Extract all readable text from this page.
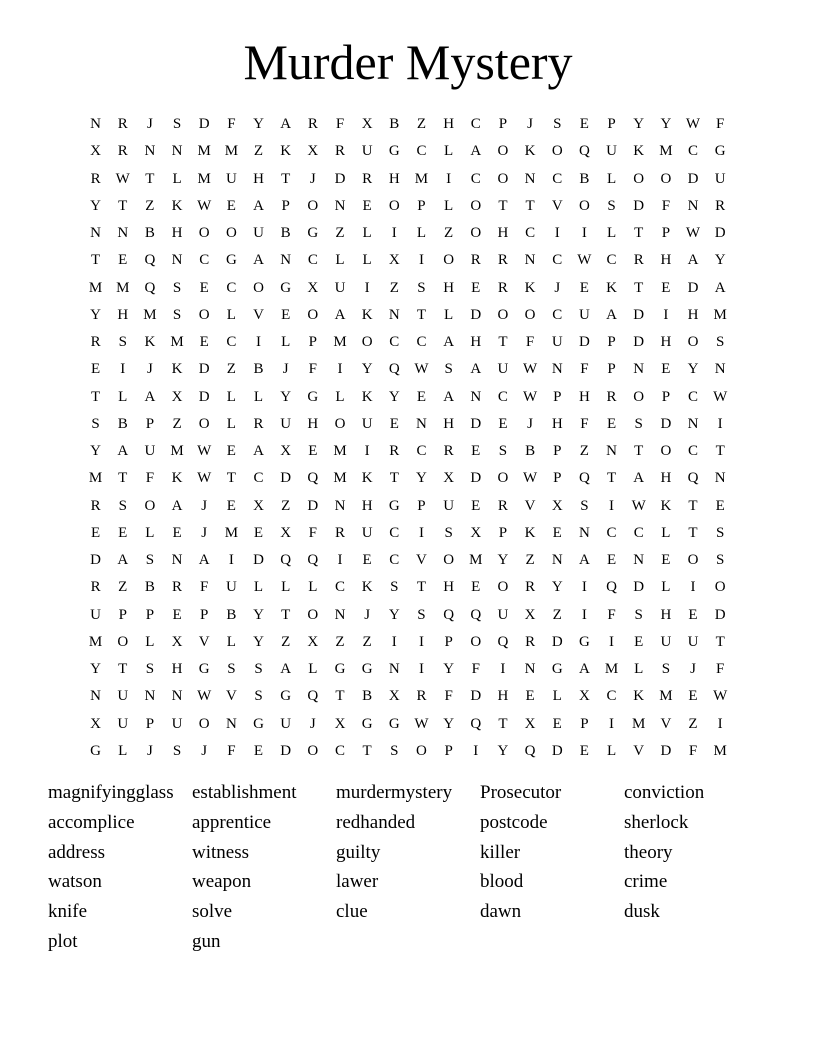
Murder Mystery
N	R	J	S	D	F	Y	A	R	F	X	B	Z	H	C	P	J	S	E	P	Y	Y W	F
X	R	N	N	M M	Z	K	X	R	U	G	C	L	A	O	K	O	Q	U	K	M	C	G
R	W	T	L	M	U	H	T	J	D	R	H	M	I	C	O	N	C	B	L	O	O	D	U
Y	T	Z	K W	E	A	P	O	N	E	O	P	L	O	T	T	V	O	S	D	F	N	R
N	N	B	H	O	O	U	B	G	Z	L	I	L	Z	O	H	C	I	I	L	T	P	W D
T	E	Q	N	C	G	A	N	C	L	L	X	I	O	R	R	N	C	W	C	R	H	A	Y
M M	Q	S	E	C	O	G	X	U	I	Z	S	H	E	R	K	J	E	K	T	E	D	A
Y	H	M	S	O	L	V	E	O	A	K	N	T	L	D	O	O	C	U	A	D	I	H	M
R	S	K	M	E	C	I	L	P	M	O	C	C	A	H	T	F	U	D	P	D	H	O	S
E	I	J	K	D	Z	B	J	F	I	Y	Q W	S	A	U W N	F	P	N	E	Y	N
T	L	A	X	D	L	L	Y	G	L	K	Y	E	A	N	C	W	P	H	R	O	P	C	W
S	B	P	Z	O	L	R	U	H	O	U	E	N	H	D	E	J	H	F	E	S	D	N	I
Y	A	U	M W	E	A	X	E	M	I	R	C	R	E	S	B	P	Z	N	T	O	C	T
M	T	F	K W	T	C	D	Q	M	K	T	Y	X	D	O W	P	Q	T	A	H	Q	N
R	S	O	A	J	E	X	Z	D	N	H	G	P	U	E	R	V	X	S	I	W K	T	E
E	E	L	E	J	M	E	X	F	R	U	C	I	S	X	P	K	E	N	C	C	L	T	S
D	A	S	N	A	I	D	Q	Q	I	E	C	V	O	M	Y	Z	N	A	E	N	E	O	S
R	Z	B	R	F	U	L	L	L	C	K	S	T	H	E	O	R	Y	I	Q	D	L	I	O
U	P	P	E	P	B	Y	T	O	N	J	Y	S	Q	Q	U	X	Z	I	F	S	H	E	D
M	O	L	X	V	L	Y	Z	X	Z	Z	I	I	P	O	Q	R	D	G	I	E	U	U	T
Y	T	S	H	G	S	S	A	L	G	G	N	I	Y	F	I	N	G	A	M	L	S	J	F
N	U	N	N W V	S	G	Q	T	B	X	R	F	D	H	E	L	X	C	K	M	E	W
X	U	P	U	O	N	G	U	J	X	G	G W Y	Q	T	X	E	P	I	M	V	Z	I
G	L	J	S	J	F	E	D	O	C	T	S	O	P	I	Y	Q	D	E	L	V	D	F	M
magnifyingglass establishment	murdermystery	Prosecutor	conviction
accomplice	apprentice	redhanded	postcode	sherlock
address	witness	guilty	killer	theory
watson	weapon	lawer	blood	crime
knife	solve	clue	dawn	dusk
plot	gun
